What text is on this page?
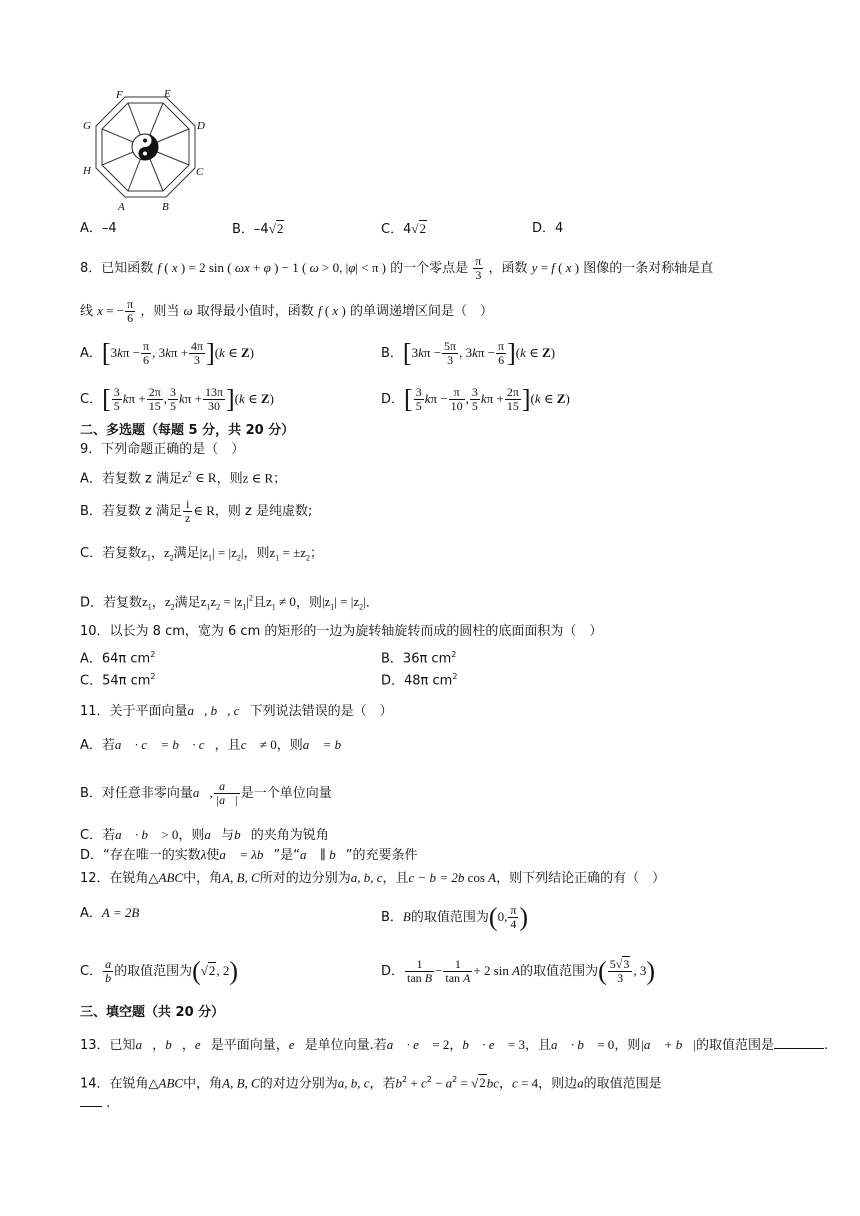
F	E
D
C
B
A
H
G
A．–4	B．–4√2	C．4√2	D．4
8．已知函数 f ( x ) = 2 sin ( ωx + φ ) − 1 ( ω > 0, |φ| < π ) 的一个零点是 $\frac{\pi}{3}$ ，函数 y = f ( x ) 图像的一条对称轴是直
线 x = − $\frac{\pi}{6}$ ，则当 ω 取得最小值时，函数 f ( x ) 的单调递增区间是（　）
A．[$3k\pi - \frac{\pi}{6}$ , $3k\pi + \frac{4\pi}{3} ](k$ ∈ Z)	B．[$3k\pi - \frac{5\pi}{3}$ , $3k\pi - \frac{\pi}{6} ](k$ ∈ Z)
C．[ $\frac{3}{5}$ $k\pi + \frac{2\pi}{15}$ , $\frac{3}{5}$ $k\pi + \frac{13\pi}{30} ](k$ ∈ Z)	D．[ $\frac{3}{5}$ $k\pi - \frac{\pi}{10}$ , $\frac{3}{5}$ $k\pi + \frac{2\pi}{15} ](k$ ∈ Z)
二、多选题（每题 5 分，共 20 分）
9．下列命题正确的是（　）
A．若复数 z 满足$z^2$ ∈ R，则z ∈ R；
B．若复数 z 满足 $\frac{i}{z}$ ∈ R，则 z 是纯虚数;
C．若复数$z_1$，$z_2$满足$|z_1| = |z_2|$，则$z_1 = \pm z_2$；
D．若复数$z_1$，$z_2$满足$z_1z_2 = |z_1|^2$且$z_1 \ne 0$，则$|z_1| = |z_2|$．
10．以长为 8 cm，宽为 6 cm 的矩形的一边为旋转轴旋转而成的圆柱的底面面积为（　）
A．64π $cm^2$	B．36π $cm^2$
C．54π $cm^2$	D．48π $cm^2$
11．关于平面向量a⃗, b⃗, c⃗下列说法错误的是（　）
A．若a⃗ · c⃗ = b⃗ · c⃗，且c⃗ ≠ 0，则a⃗ = b⃗
B．对任意非零向量a⃗, $\frac{a⃗}{|a⃗|}$ 是一个单位向量
C．若a⃗ · b⃗ > 0，则a⃗与b⃗的夹角为锐角
D．“存在唯一的实数λ使a⃗ = λb⃗”是“a⃗ ∥ b⃗”的充要条件
12．在锐角△ABC中，角A, B, C所对的边分别为a, b, c，且c − b = 2b cos A，则下列结论正确的有（　）
A．A = 2B	B．B的取值范围为(0, $\frac{\pi}{4}$ )
C． $\frac{a}{b}$ 的取值范围为(√2, 2)	D． $\frac{1}{\text{tan B}} - \frac{1}{\text{tan A}} + 2$ sin A的取值范围为( $\frac{5√3}{3}$ , 3)
三、填空题（共 20 分）
13．已知a⃗，b⃗，e⃗是平面向量，e⃗是单位向量.若a⃗ · e⃗ = 2，b⃗ · e⃗ = 3，且a⃗ · b⃗ = 0，则|a⃗ + b⃗|的取值范围是	.
14．在锐角△ABC中，角A, B, C的对边分别为a, b, c，若$b^2 + c^2 - a^2 = √2bc$，c = 4，则边a的取值范围是
.
